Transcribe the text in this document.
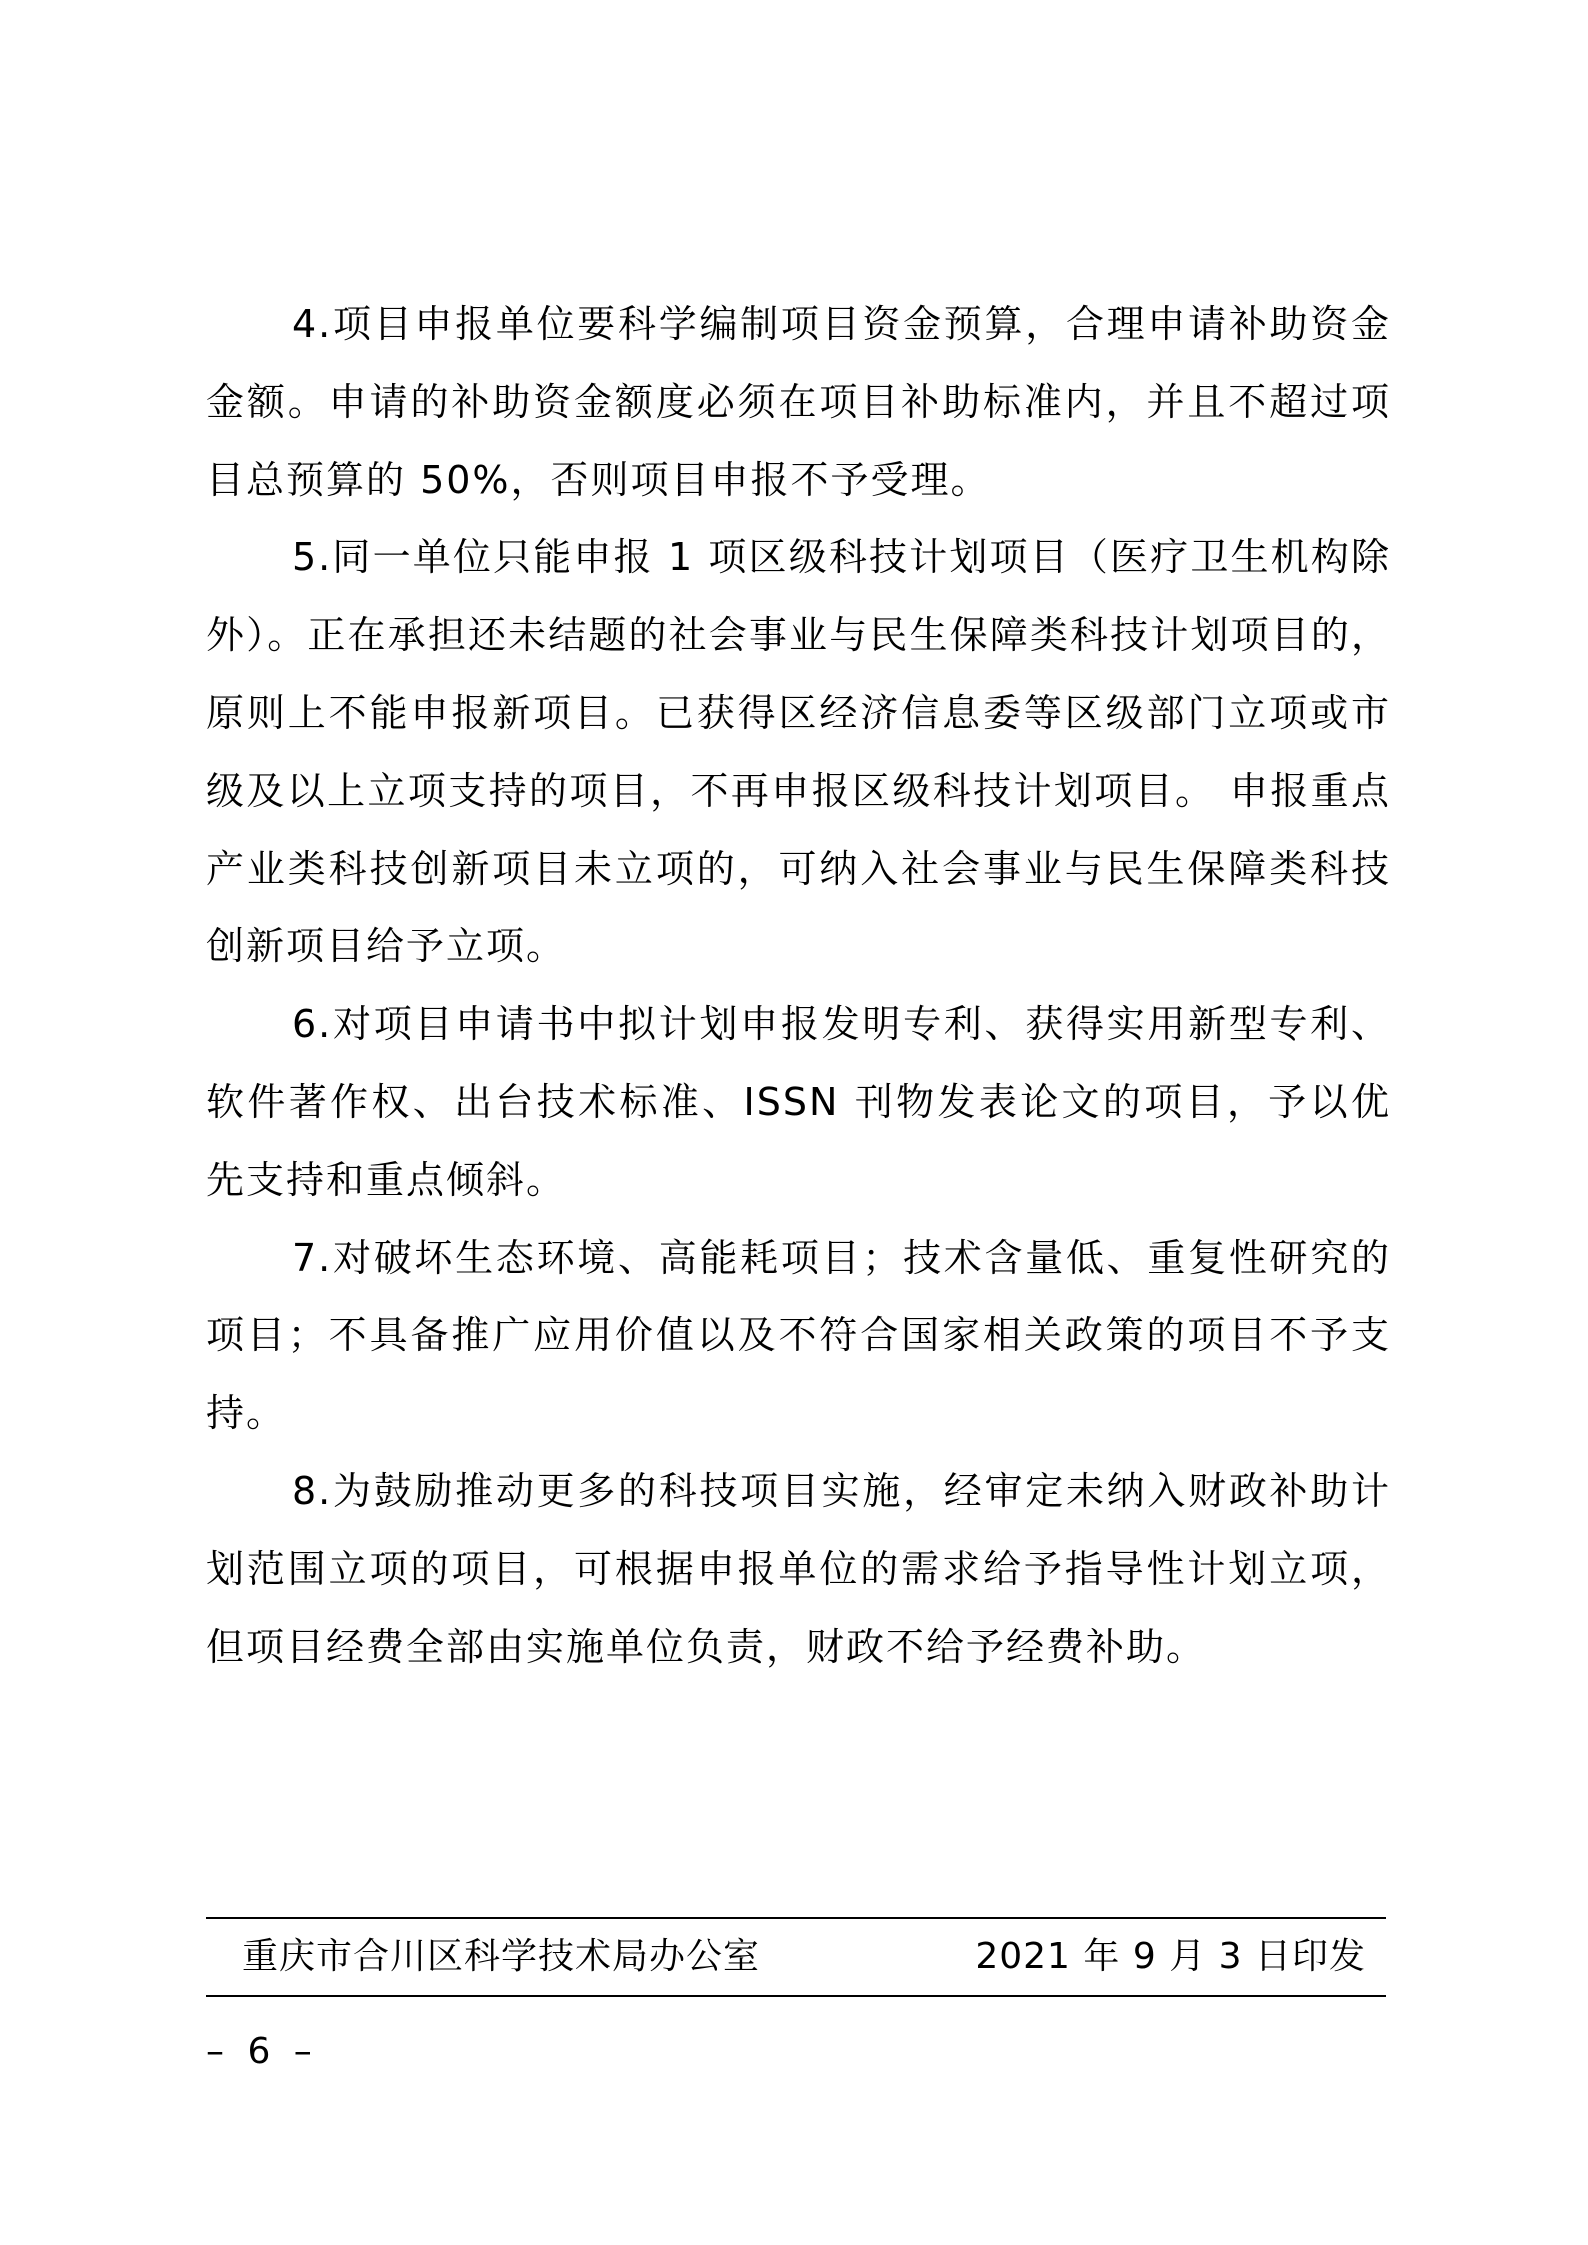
4.项目申报单位要科学编制项目资金预算，合理申请补助资金金额。申请的补助资金额度必须在项目补助标准内，并且不超过项目总预算的 50%，否则项目申报不予受理。

5.同一单位只能申报 1 项区级科技计划项目（医疗卫生机构除外）。正在承担还未结题的社会事业与民生保障类科技计划项目的，原则上不能申报新项目。已获得区经济信息委等区级部门立项或市级及以上立项支持的项目，不再申报区级科技计划项目。 申报重点产业类科技创新项目未立项的，可纳入社会事业与民生保障类科技创新项目给予立项。

6.对项目申请书中拟计划申报发明专利、获得实用新型专利、 软件著作权、出台技术标准、ISSN 刊物发表论文的项目，予以优先支持和重点倾斜。

7.对破坏生态环境、高能耗项目；技术含量低、重复性研究的项目；不具备推广应用价值以及不符合国家相关政策的项目不予支持。

8.为鼓励推动更多的科技项目实施，经审定未纳入财政补助计划范围立项的项目，可根据申报单位的需求给予指导性计划立项，但项目经费全部由实施单位负责，财政不给予经费补助。

重庆市合川区科学技术局办公室	2021 年 9 月 3 日印发
– 6 –
